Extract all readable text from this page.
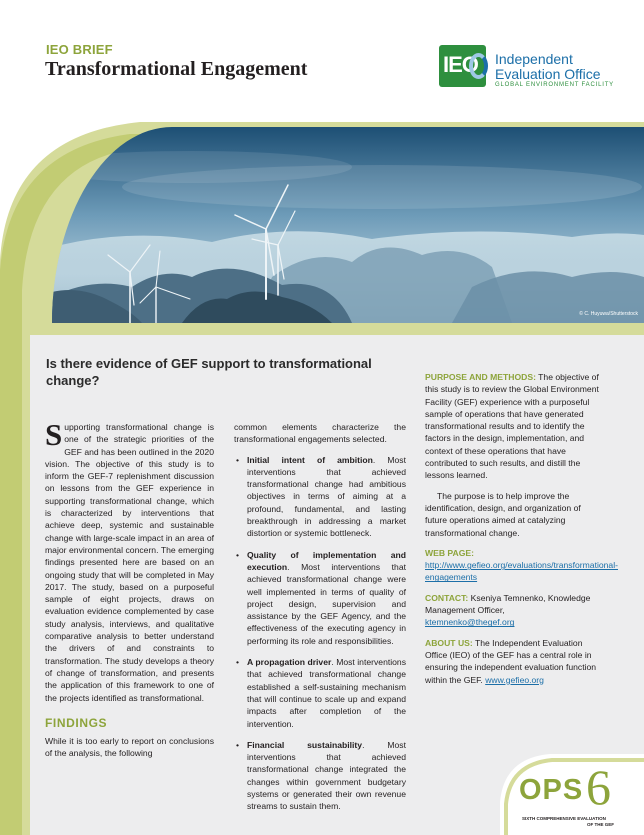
IEO BRIEF
Transformational Engagement	IEO Independent
Evaluation Office
GLOBAL ENVIRONMENT FACILITY
© C. Huyuwa/Shutterstock
Is there evidence of GEF support to transformational change?

Supporting transformational change is one of the strategic priorities of the GEF and has been outlined in the 2020 vision. The objective of this study is to inform the GEF-7 replenishment discussion on lessons from the GEF experience in supporting transformational change, which is characterized by interventions that achieve deep, systemic and sustainable change with large-scale impact in an area of major environmental concern. The emerging findings presented here are based on an ongoing study that will be completed in May 2017. The study, based on a purposeful sample of eight projects, draws on evaluation evidence complemented by case study analysis, interviews, and qualitative comparative analysis to better understand the drivers of and constraints to transformation. The study develops a theory of change of transformation, and presents the application of this framework to one of the projects identified as transformational.

FINDINGS

While it is too early to report on conclusions of the analysis, the following

common elements characterize the transformational engagements selected.

• Initial intent of ambition. Most interventions that achieved transformational change had ambitious objectives in terms of aiming at a profound, fundamental, and lasting breakthrough in addressing a market distortion or systemic bottleneck.
• Quality of implementation and execution. Most interventions that achieved transformational change were well implemented in terms of quality of project design, supervision and assistance by the GEF Agency, and the effectiveness of the executing agency in performing its role and responsibilities.
• A propagation driver. Most interventions that achieved transformational change established a self-sustaining mechanism that will continue to scale up and expand impacts after completion of the intervention.
• Financial sustainability. Most interventions that achieved transformational change integrated the changes within government budgetary systems or generated their own revenue streams to sustain them.

PURPOSE AND METHODS: The objective of this study is to review the Global Environment Facility (GEF) experience with a purposeful sample of operations that have generated transformational results and to identify the factors in the design, implementation, and context of these operations that have contributed to such results, and distill the lessons learned.

The purpose is to help improve the identification, design, and organization of future operations aimed at catalyzing transformational change.

WEB PAGE: http://www.gefieo.org/evaluations/transformational-engagements

CONTACT: Kseniya Temnenko, Knowledge Management Officer,
ktemnenko@thegef.org

ABOUT US: The Independent Evaluation Office (IEO) of the GEF has a central role in ensuring the independent evaluation function within the GEF. www.gefieo.org

OPS 6
SIXTH COMPREHENSIVE EVALUATION
OF THE GEF
